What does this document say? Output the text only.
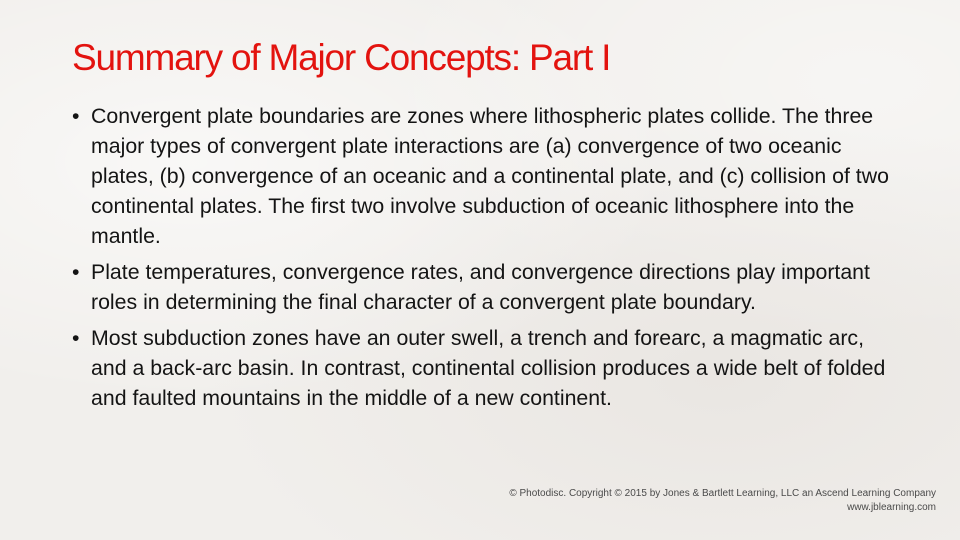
Summary of Major Concepts: Part I
• Convergent plate boundaries are zones where lithospheric plates collide. The three major types of convergent plate interactions are (a) convergence of two oceanic plates, (b) convergence of an oceanic and a continental plate, and (c) collision of two continental plates. The first two involve subduction of oceanic lithosphere into the mantle.
• Plate temperatures, convergence rates, and convergence directions play important roles in determining the final character of a convergent plate boundary.
• Most subduction zones have an outer swell, a trench and forearc, a magmatic arc, and a back-arc basin. In contrast, continental collision produces a wide belt of folded and faulted mountains in the middle of a new continent.
© Photodisc. Copyright © 2015 by Jones & Bartlett Learning, LLC an Ascend Learning Company
www.jblearning.com
